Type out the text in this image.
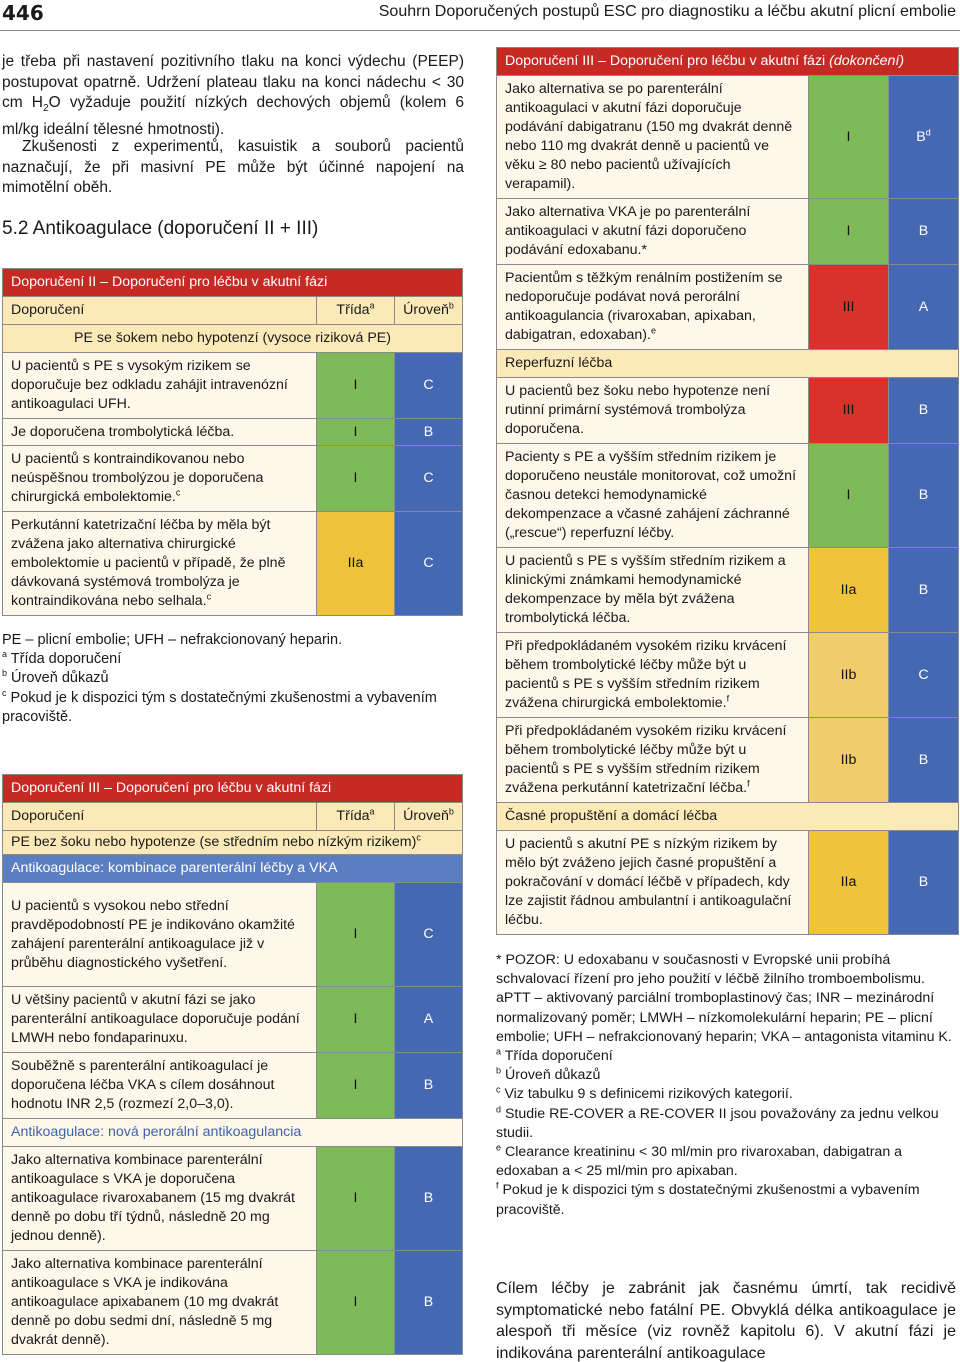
446	Souhrn Doporučených postupů ESC pro diagnostiku a léčbu akutní plicní embolie
je třeba při nastavení pozitivního tlaku na konci výdechu (PEEP) postupovat opatrně. Udržení plateau tlaku na konci nádechu < 30 cm $H_2O$ vyžaduje použití nízkých dechových objemů (kolem 6 ml/kg ideální tělesné hmotnosti).
Zkušenosti z experimentů, kasuistik a souborů pacientů naznačují, že při masivní PE může být účinné napojení na mimotělní oběh.
5.2 Antikoagulace (doporučení II + III)
Doporučení II – Doporučení pro léčbu v akutní fázi		
Doporučení	Třída$^a$	Úroveň$^b$
PE se šokem nebo hypotenzí (vysoce riziková PE)		
U pacientů s PE s vysokým rizikem se doporučuje bez odkladu zahájit intravenózní antikoagulaci UFH.	I	C
Je doporučena trombolytická léčba.	I	B
U pacientů s kontraindikovanou nebo neúspěšnou trombolýzou je doporučena chirurgická embolektomie.$^c$	I	C
Perkutánní katetrizační léčba by měla být zvážena jako alternativa chirurgické embolektomie u pacientů v případě, že plně dávkovaná systémová trombolýza je kontraindikována nebo selhala.$^c$	IIa	C
PE – plicní embolie; UFH – nefrakcionovaný heparin.
$^a$ Třída doporučení
$^b$ Úroveň důkazů
$^c$ Pokud je k dispozici tým s dostatečnými zkušenostmi a vybavením pracoviště.
Doporučení III – Doporučení pro léčbu v akutní fázi		
Doporučení	Třída$^a$	Úroveň$^b$
PE bez šoku nebo hypotenze (se středním nebo nízkým rizikem)$^c$
Antikoagulace: kombinace parenterální léčby a VKA		
U pacientů s vysokou nebo střední pravděpodobností PE je indikováno okamžité zahájení parenterální antikoagulace již v průběhu diagnostického vyšetření.	I	C
U většiny pacientů v akutní fázi se jako parenterální antikoagulace doporučuje podání LMWH nebo fondaparinuxu.	I	A
Souběžně s parenterální antikoagulací je doporučena léčba VKA s cílem dosáhnout hodnotu INR 2,5 (rozmezí 2,0–3,0).	I	B
Antikoagulace: nová perorální antikoagulancia		
Jako alternativa kombinace parenterální antikoagulace s VKA je doporučena antikoagulace rivaroxabanem (15 mg dvakrát denně po dobu tří týdnů, následně 20 mg jednou denně).	I	B
Jako alternativa kombinace parenterální antikoagulace s VKA je indikována antikoagulace apixabanem (10 mg dvakrát denně po dobu sedmi dní, následně 5 mg dvakrát denně).	I	B
Doporučení III – Doporučení pro léčbu v akutní fázi (dokončení)		
Jako alternativa se po parenterální antikoagulaci v akutní fázi doporučuje podávání dabigatranu (150 mg dvakrát denně nebo 110 mg dvakrát denně u pacientů ve věku ≥ 80 nebo pacientů užívajících verapamil).	I	$B^d$
Jako alternativa VKA je po parenterální antikoagulaci v akutní fázi doporučeno podávání edoxabanu.*	I	B
Pacientům s těžkým renálním postižením se nedoporučuje podávat nová perorální antikoagulancia (rivaroxaban, apixaban, dabigatran, edoxaban).$^e$	III	A
Reperfuzní léčba		
U pacientů bez šoku nebo hypotenze není rutinní primární systémová trombolýza doporučena.	III	B
Pacienty s PE a vyšším středním rizikem je doporučeno neustále monitorovat, což umožní časnou detekci hemodynamické dekompenzace a včasné zahájení záchranné („rescue“) reperfuzní léčby.	I	B
U pacientů s PE s vyšším středním rizikem a klinickými známkami hemodynamické dekompenzace by měla být zvážena trombolytická léčba.	IIa	B
Při předpokládaném vysokém riziku krvácení během trombolytické léčby může být u pacientů s PE s vyšším středním rizikem zvážena chirurgická embolektomie.$^f$	IIb	C
Při předpokládaném vysokém riziku krvácení během trombolytické léčby může být u pacientů s PE s vyšším středním rizikem zvážena perkutánní katetrizační léčba.$^f$	IIb	B
Časné propuštění a domácí léčba		
U pacientů s akutní PE s nízkým rizikem by mělo být zváženo jejich časné propuštění a pokračování v domácí léčbě v případech, kdy lze zajistit řádnou ambulantní i antikoagulační léčbu.	IIa	B
* POZOR: U edoxabanu v současnosti v Evropské unii probíhá schvalovací řízení pro jeho použití v léčbě žilního tromboembolismu.
aPTT – aktivovaný parciální tromboplastinový čas; INR – mezinárodní normalizovaný poměr; LMWH – nízkomolekulární heparin; PE – plicní embolie; UFH – nefrakcionovaný heparin; VKA – antagonista vitaminu K.
$^a$ Třída doporučení
$^b$ Úroveň důkazů
$^c$ Viz tabulku 9 s definicemi rizikových kategorií.
$^d$ Studie RE-COVER a RE-COVER II jsou považovány za jednu velkou studii.
$^e$ Clearance kreatininu < 30 ml/min pro rivaroxaban, dabigatran a edoxaban a < 25 ml/min pro apixaban.
$^f$ Pokud je k dispozici tým s dostatečnými zkušenostmi a vybavením pracoviště.
Cílem léčby je zabránit jak časnému úmrtí, tak recidivě symptomatické nebo fatální PE. Obvyklá délka antikoagulace je alespoň tři měsíce (viz rovněž kapitolu 6). V akutní fázi je indikována parenterální antikoagulace
